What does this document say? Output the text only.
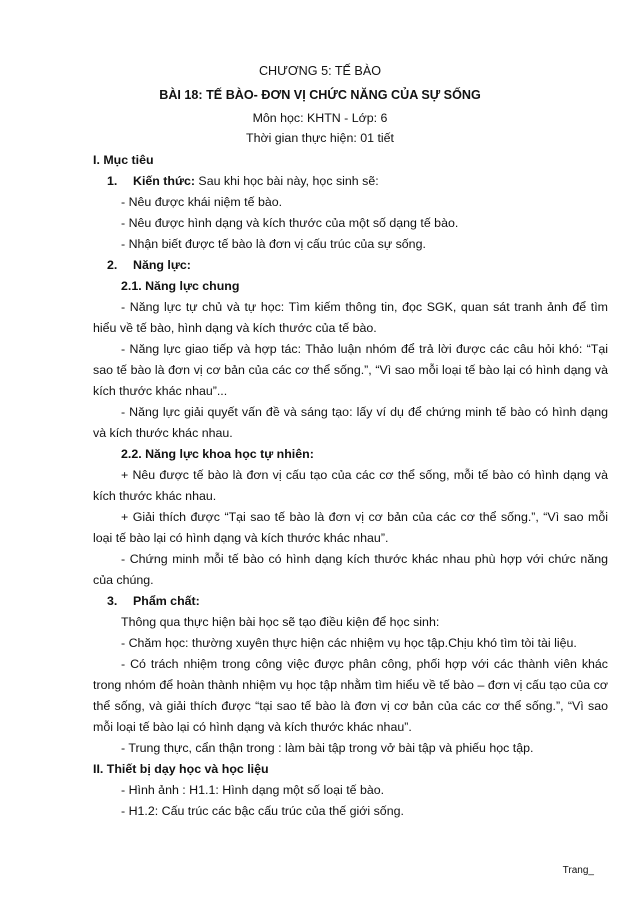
CHƯƠNG 5: TẾ BÀO
BÀI 18: TẾ BÀO- ĐƠN VỊ CHỨC NĂNG CỦA SỰ SỐNG
Môn học: KHTN - Lớp: 6
Thời gian thực hiện: 01 tiết

I. Mục tiêu

1. Kiến thức: Sau khi học bài này, học sinh sẽ:

- Nêu được khái niệm tế bào.

- Nêu được hình dạng và kích thước của một số dạng tế bào.

- Nhận biết được tế bào là đơn vị cấu trúc của sự sống.

2. Năng lực:

2.1. Năng lực chung

- Năng lực tự chủ và tự học: Tìm kiếm thông tin, đọc SGK, quan sát tranh ảnh để tìm hiểu về tế bào, hình dạng và kích thước của tế bào.

- Năng lực giao tiếp và hợp tác: Thảo luận nhóm để trả lời được các câu hỏi khó: “Tại sao tế bào là đơn vị cơ bản của các cơ thể sống.”, “Vì sao mỗi loại tế bào lại có hình dạng và kích thước khác nhau”...

- Năng lực giải quyết vấn đề và sáng tạo: lấy ví dụ để chứng minh tế bào có hình dạng và kích thước khác nhau.

2.2. Năng lực khoa học tự nhiên:

+ Nêu được tế bào là đơn vị cấu tạo của các cơ thể sống, mỗi tế bào có hình dạng và kích thước khác nhau.

+ Giải thích được “Tại sao tế bào là đơn vị cơ bản của các cơ thể sống.”, “Vì sao mỗi loại tế bào lại có hình dạng và kích thước khác nhau”.

- Chứng minh mỗi tế bào có hình dạng kích thước khác nhau phù hợp với chức năng của chúng.

3. Phẩm chất:

Thông qua thực hiện bài học sẽ tạo điều kiện để học sinh:

- Chăm học: thường xuyên thực hiện các nhiệm vụ học tập.Chịu khó tìm tòi tài liệu.

- Có trách nhiệm trong công việc được phân công, phối hợp với các thành viên khác trong nhóm để hoàn thành nhiệm vụ học tập nhằm tìm hiểu về tế bào – đơn vị cấu tạo của cơ thể sống, và giải thích được “tại sao tế bào là đơn vị cơ bản của các cơ thể sống.”, “Vì sao mỗi loại tế bào lại có hình dạng và kích thước khác nhau”.

- Trung thực, cẩn thận trong : làm bài tập trong vở bài tập và phiếu học tập.

II. Thiết bị dạy học và học liệu

- Hình ảnh : H1.1: Hình dạng một số loại tế bào.

- H1.2: Cấu trúc các bậc cấu trúc của thế giới sống.

Trang_
